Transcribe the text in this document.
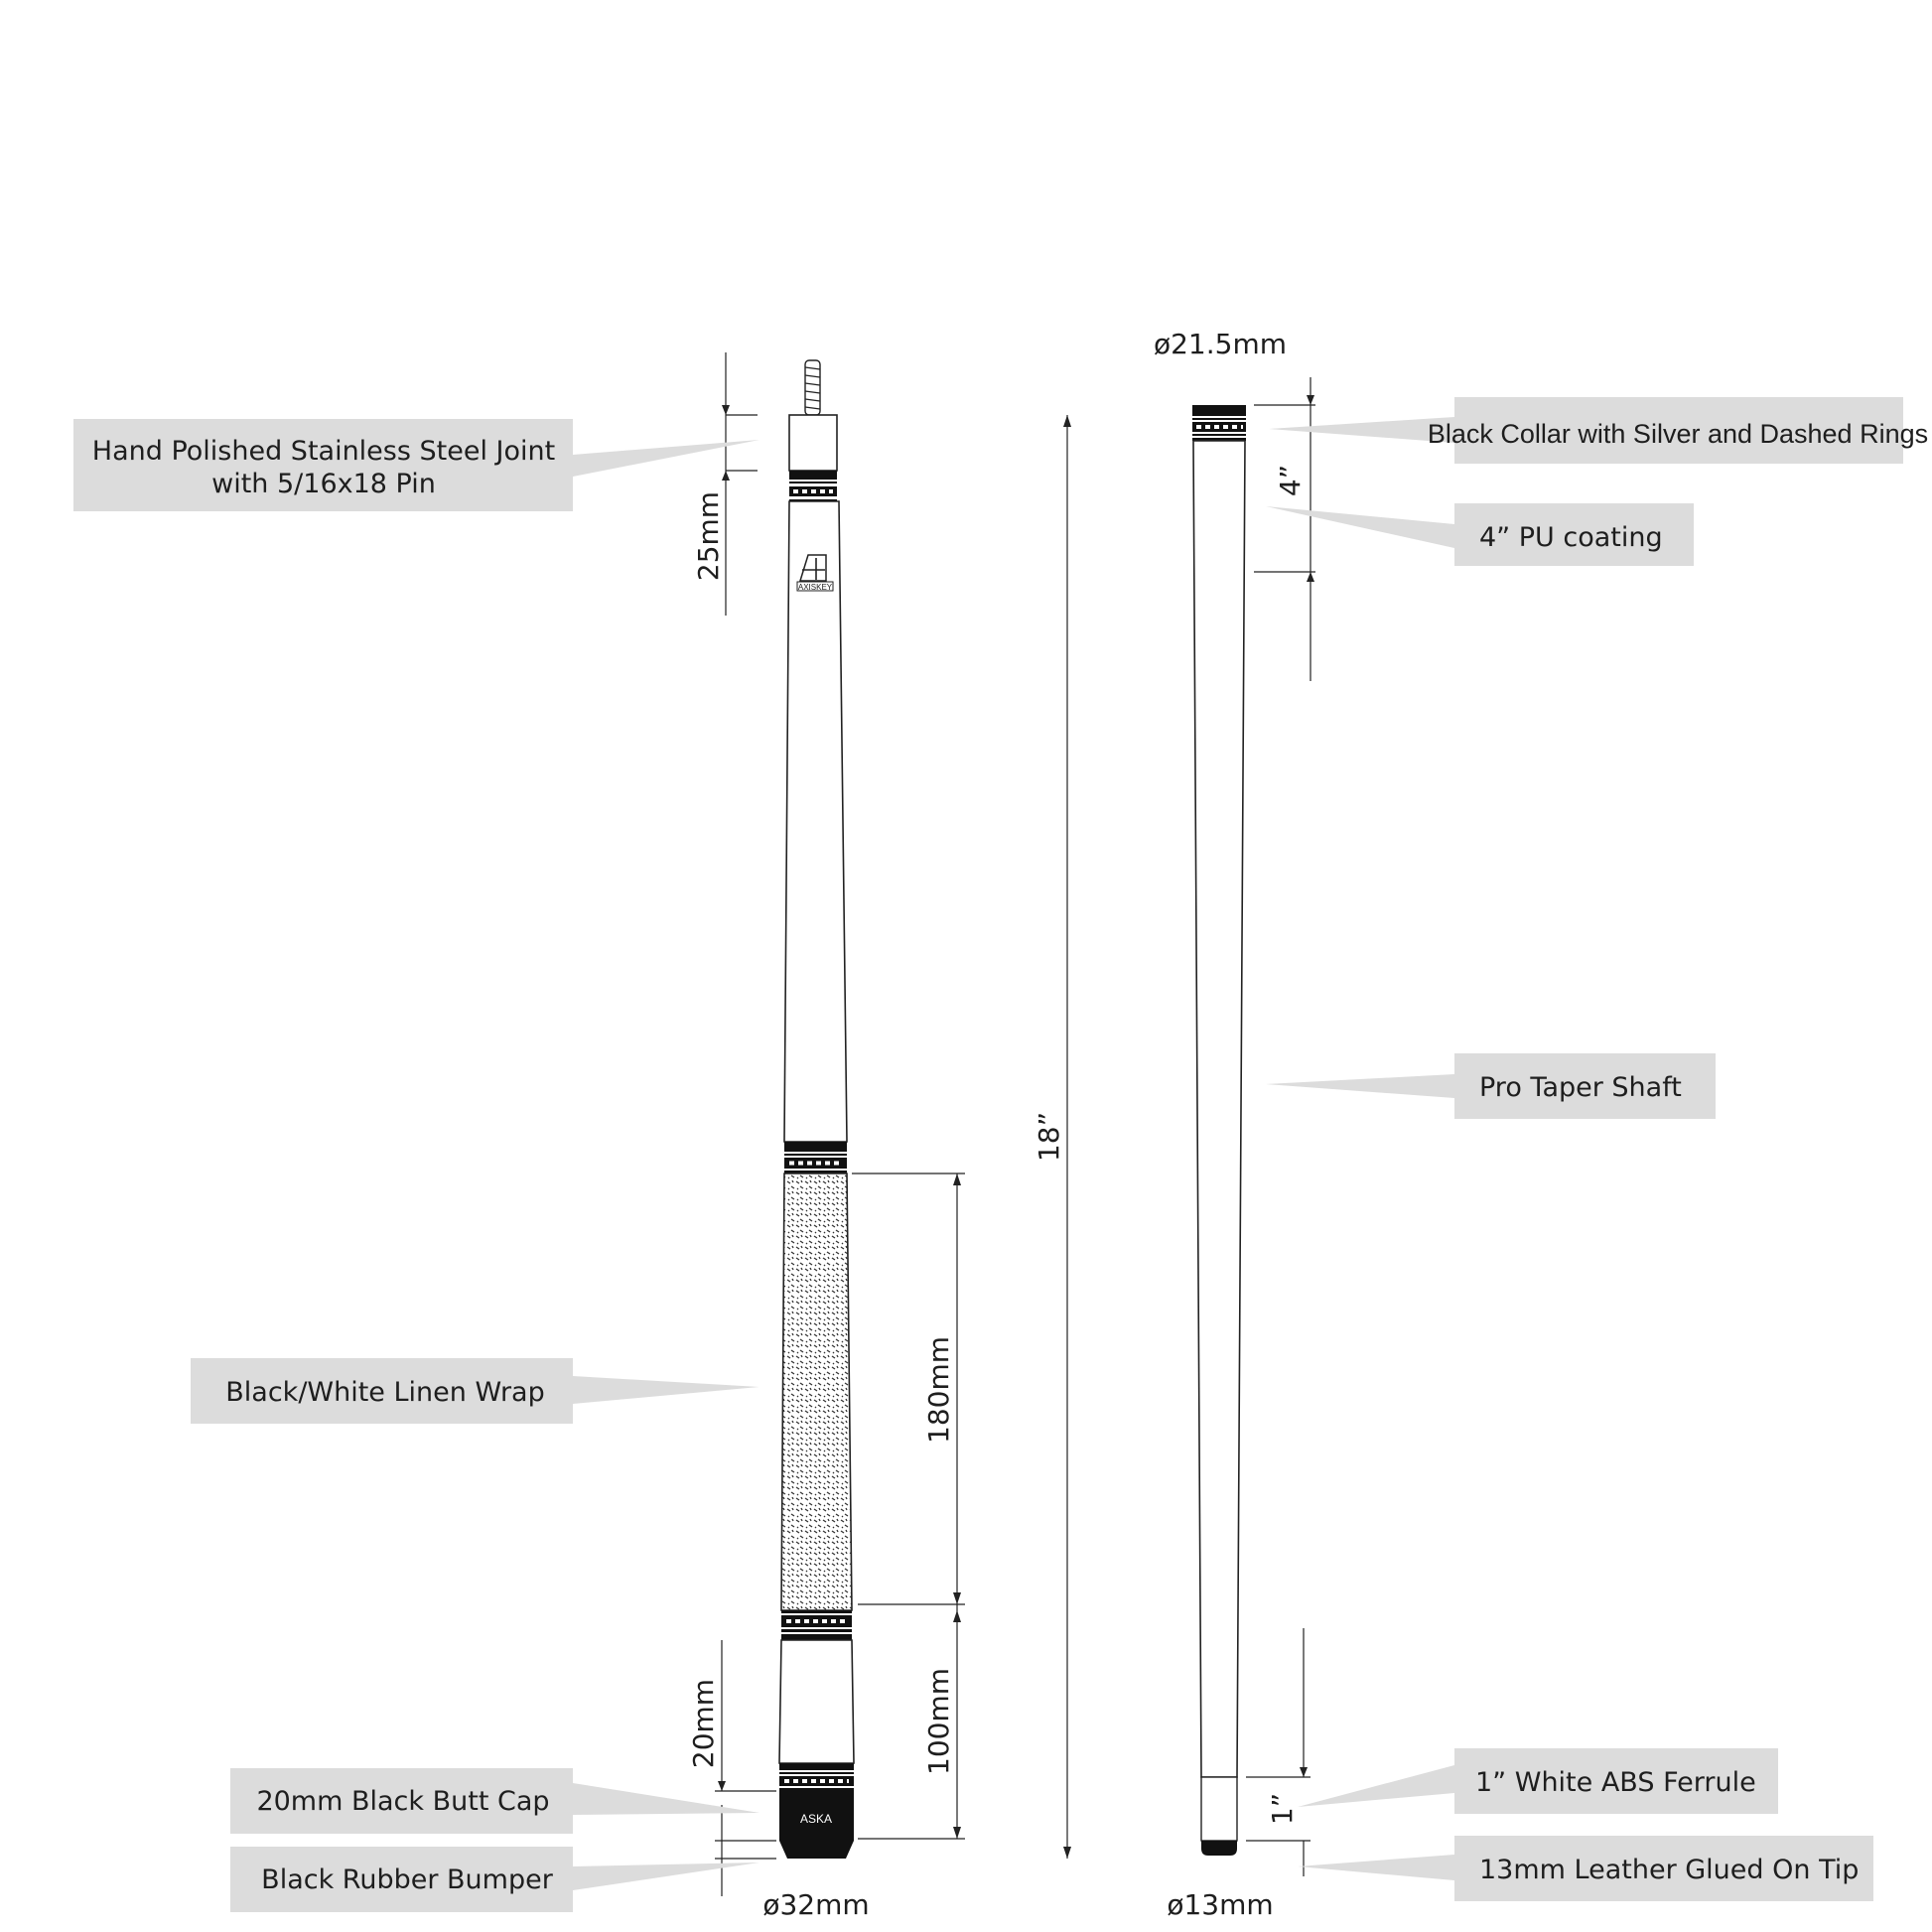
AXISKEY
ASKA
25mm
180mm
100mm
18”
20mm
4”
1”
ø32mm
ø21.5mm
ø13mm
Hand Polished Stainless Steel Joint
with 5/16x18 Pin
Black/White Linen Wrap
20mm Black Butt Cap
Black Rubber Bumper
Black Collar with Silver and Dashed Rings
4” PU coating
Pro Taper Shaft
1” White ABS Ferrule
13mm Leather Glued On Tip
